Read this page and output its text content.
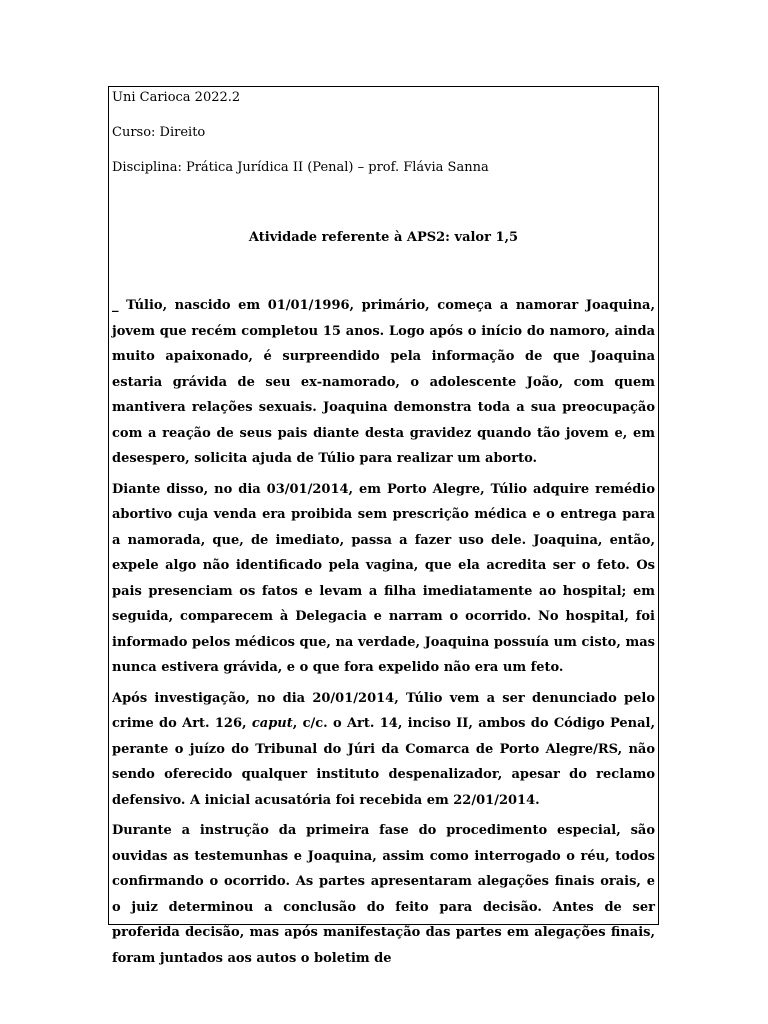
Uni Carioca 2022.2
Curso: Direito
Disciplina: Prática Jurídica II (Penal) – prof. Flávia Sanna
Atividade referente à APS2: valor 1,5

_ Túlio, nascido em 01/01/1996, primário, começa a namorar Joaquina, jovem que recém completou 15 anos. Logo após o início do namoro, ainda muito apaixonado, é surpreendido pela informação de que Joaquina estaria grávida de seu ex-namorado, o adolescente João, com quem mantivera relações sexuais. Joaquina demonstra toda a sua preocupação com a reação de seus pais diante desta gravidez quando tão jovem e, em desespero, solicita ajuda de Túlio para realizar um aborto.

Diante disso, no dia 03/01/2014, em Porto Alegre, Túlio adquire remédio abortivo cuja venda era proibida sem prescrição médica e o entrega para a namorada, que, de imediato, passa a fazer uso dele. Joaquina, então, expele algo não identificado pela vagina, que ela acredita ser o feto. Os pais presenciam os fatos e levam a filha imediatamente ao hospital; em seguida, comparecem à Delegacia e narram o ocorrido. No hospital, foi informado pelos médicos que, na verdade, Joaquina possuía um cisto, mas nunca estivera grávida, e o que fora expelido não era um feto.

Após investigação, no dia 20/01/2014, Túlio vem a ser denunciado pelo crime do Art. 126, caput, c/c. o Art. 14, inciso II, ambos do Código Penal, perante o juízo do Tribunal do Júri da Comarca de Porto Alegre/RS, não sendo oferecido qualquer instituto despenalizador, apesar do reclamo defensivo. A inicial acusatória foi recebida em 22/01/2014.

Durante a instrução da primeira fase do procedimento especial, são ouvidas as testemunhas e Joaquina, assim como interrogado o réu, todos confirmando o ocorrido. As partes apresentaram alegações finais orais, e o juiz determinou a conclusão do feito para decisão. Antes de ser proferida decisão, mas após manifestação das partes em alegações finais, foram juntados aos autos o boletim de
